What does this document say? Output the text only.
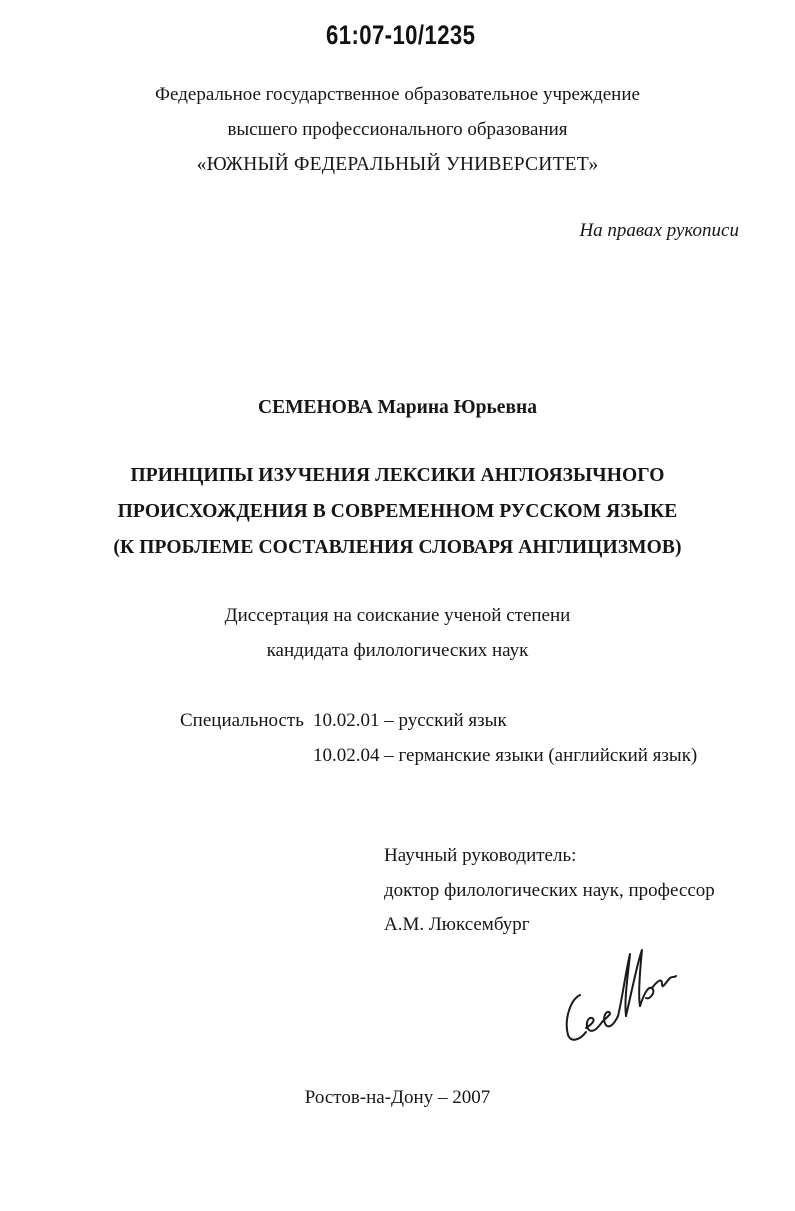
61:07-10/1235
Федеральное государственное образовательное учреждение
высшего профессионального образования
«ЮЖНЫЙ ФЕДЕРАЛЬНЫЙ УНИВЕРСИТЕТ»
На правах рукописи
СЕМЕНОВА Марина Юрьевна
ПРИНЦИПЫ ИЗУЧЕНИЯ ЛЕКСИКИ АНГЛОЯЗЫЧНОГО
ПРОИСХОЖДЕНИЯ В СОВРЕМЕННОМ РУССКОМ ЯЗЫКЕ
(К ПРОБЛЕМЕ СОСТАВЛЕНИЯ СЛОВАРЯ АНГЛИЦИЗМОВ)
Диссертация на соискание ученой степени
кандидата филологических наук
Специальность 10.02.01 – русский язык
10.02.04 – германские языки (английский язык)
Научный руководитель:
доктор филологических наук, профессор
А.М. Люксембург
Ростов-на-Дону – 2007
